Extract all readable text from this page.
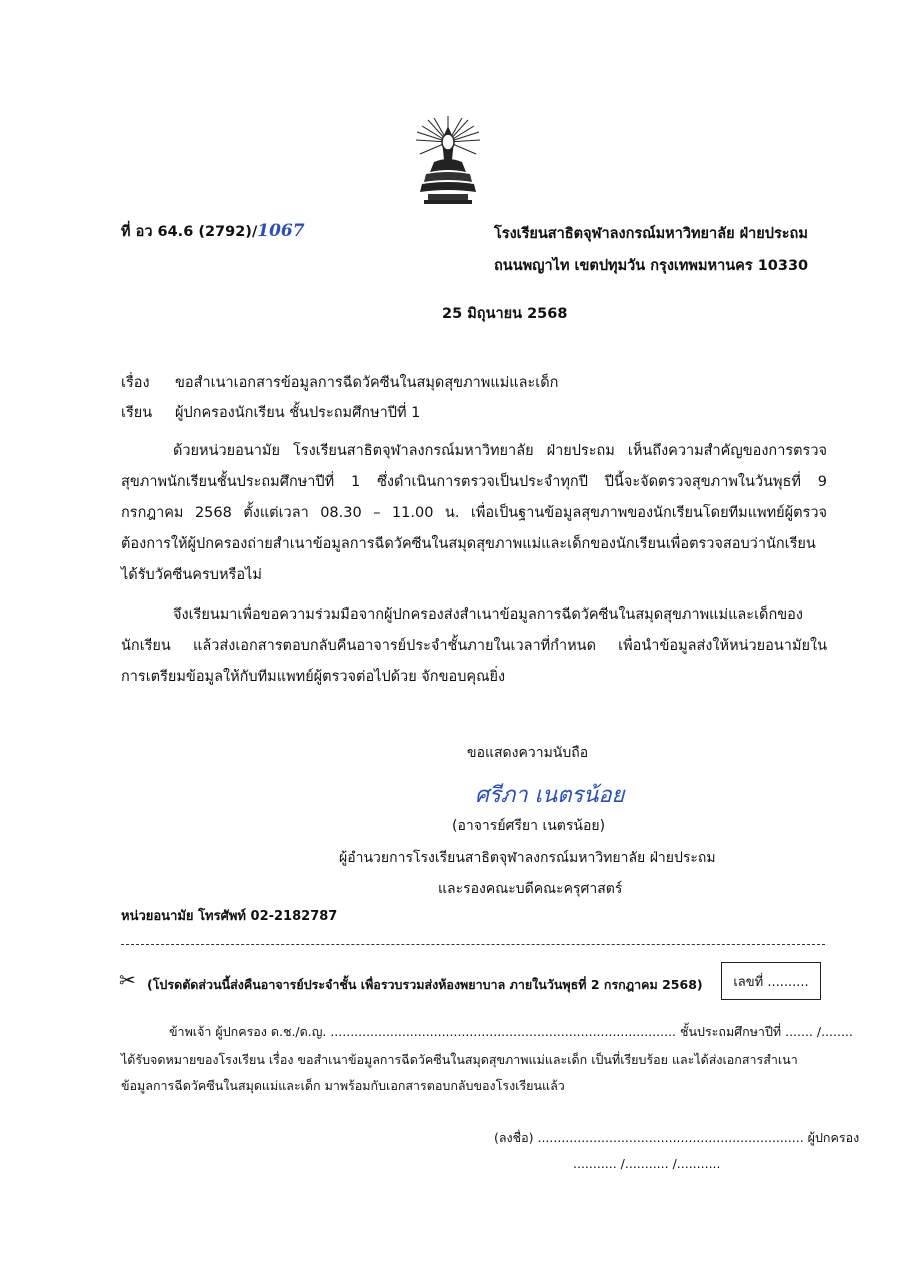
ที่ อว 64.6 (2792)/1067	โรงเรียนสาธิตจุฬาลงกรณ์มหาวิทยาลัย ฝ่ายประถม
ถนนพญาไท เขตปทุมวัน กรุงเทพมหานคร 10330
25 มิถุนายน 2568
เรื่อง ขอสำเนาเอกสารข้อมูลการฉีดวัคซีนในสมุดสุขภาพแม่และเด็ก
เรียน ผู้ปกครองนักเรียน ชั้นประถมศึกษาปีที่ 1
ด้วยหน่วยอนามัย โรงเรียนสาธิตจุฬาลงกรณ์มหาวิทยาลัย ฝ่ายประถม เห็นถึงความสำคัญของการตรวจสุขภาพนักเรียนชั้นประถมศึกษาปีที่ 1 ซึ่งดำเนินการตรวจเป็นประจำทุกปี ปีนี้จะจัดตรวจสุขภาพในวันพุธที่ 9 กรกฎาคม 2568 ตั้งแต่เวลา 08.30 – 11.00 น. เพื่อเป็นฐานข้อมูลสุขภาพของนักเรียนโดยทีมแพทย์ผู้ตรวจต้องการให้ผู้ปกครองถ่ายสำเนาข้อมูลการฉีดวัคซีนในสมุดสุขภาพแม่และเด็กของนักเรียนเพื่อตรวจสอบว่านักเรียนได้รับวัคซีนครบหรือไม่
จึงเรียนมาเพื่อขอความร่วมมือจากผู้ปกครองส่งสำเนาข้อมูลการฉีดวัคซีนในสมุดสุขภาพแม่และเด็กของนักเรียน แล้วส่งเอกสารตอบกลับคืนอาจารย์ประจำชั้นภายในเวลาที่กำหนด เพื่อนำข้อมูลส่งให้หน่วยอนามัยในการเตรียมข้อมูลให้กับทีมแพทย์ผู้ตรวจต่อไปด้วย จักขอบคุณยิ่ง
ขอแสดงความนับถือ
ศรีภา เนตรน้อย
(อาจารย์ศรียา เนตรน้อย)
ผู้อำนวยการโรงเรียนสาธิตจุฬาลงกรณ์มหาวิทยาลัย ฝ่ายประถม
และรองคณะบดีคณะครุศาสตร์
หน่วยอนามัย โทรศัพท์ 02-2182787
✂ (โปรดตัดส่วนนี้ส่งคืนอาจารย์ประจำชั้น เพื่อรวบรวมส่งห้องพยาบาล ภายในวันพุธที่ 2 กรกฎาคม 2568) เลขที่ ..........
ข้าพเจ้า ผู้ปกครอง ด.ช./ด.ญ. ....................................................................................... ชั้นประถมศึกษาปีที่ ....... /........
ได้รับจดหมายของโรงเรียน เรื่อง ขอสำเนาข้อมูลการฉีดวัคซีนในสมุดสุขภาพแม่และเด็ก เป็นที่เรียบร้อย และได้ส่งเอกสารสำเนา
ข้อมูลการฉีดวัคซีนในสมุดแม่และเด็ก มาพร้อมกับเอกสารตอบกลับของโรงเรียนแล้ว
(ลงชื่อ) ................................................................... ผู้ปกครอง
........... /........... /...........
